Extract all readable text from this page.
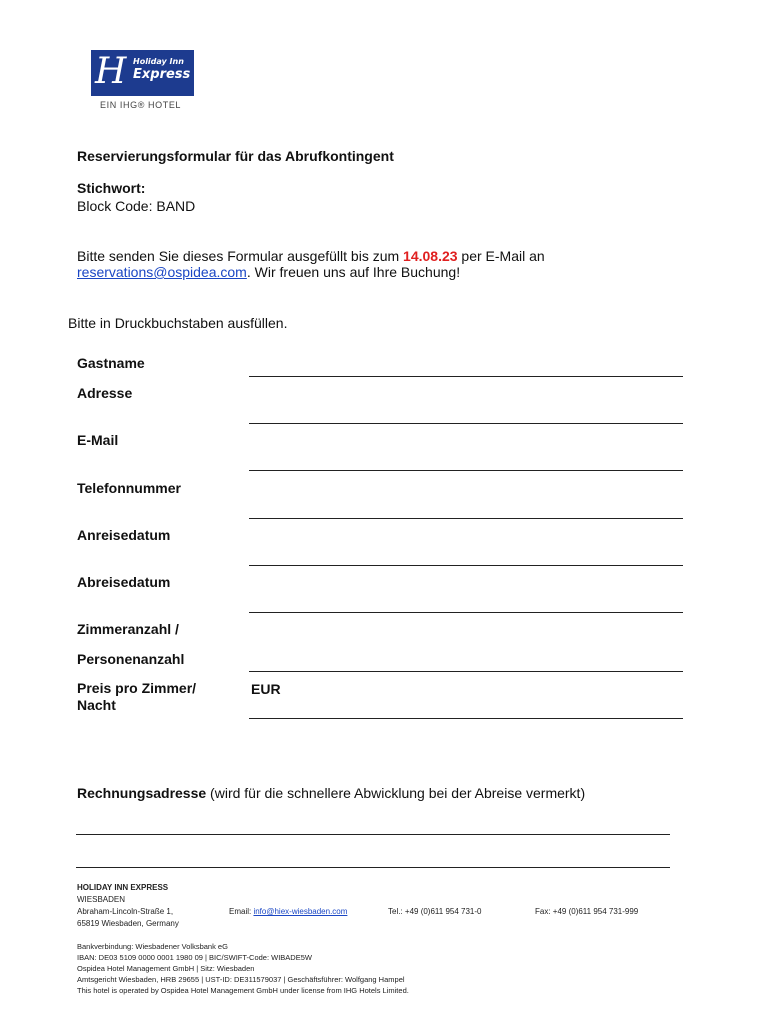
H Holiday Inn
Express
EIN IHG® HOTEL
Reservierungsformular für das Abrufkontingent
Stichwort:
Block Code: BAND
Bitte senden Sie dieses Formular ausgefüllt bis zum 14.08.23 per E-Mail an
reservations@ospidea.com. Wir freuen uns auf Ihre Buchung!
Bitte in Druckbuchstaben ausfüllen.
Gastname
Adresse
E-Mail
Telefonnummer
Anreisedatum
Abreisedatum
Zimmeranzahl /
Personenanzahl
Preis pro Zimmer/
Nacht
EUR
Rechnungsadresse (wird für die schnellere Abwicklung bei der Abreise vermerkt)
HOLIDAY INN EXPRESS
WIESBADEN
Abraham-Lincoln-Straße 1,
65819 Wiesbaden, Germany
Email: info@hiex-wiesbaden.com	Tel.: +49 (0)611 954 731-0	Fax: +49 (0)611 954 731-999
Bankverbindung: Wiesbadener Volksbank eG
IBAN: DE03 5109 0000 0001 1980 09 | BIC/SWIFT-Code: WIBADE5W
Ospidea Hotel Management GmbH | Sitz: Wiesbaden
Amtsgericht Wiesbaden, HRB 29655 | UST-ID: DE311579037 | Geschäftsführer: Wolfgang Hampel
This hotel is operated by Ospidea Hotel Management GmbH under license from IHG Hotels Limited.
